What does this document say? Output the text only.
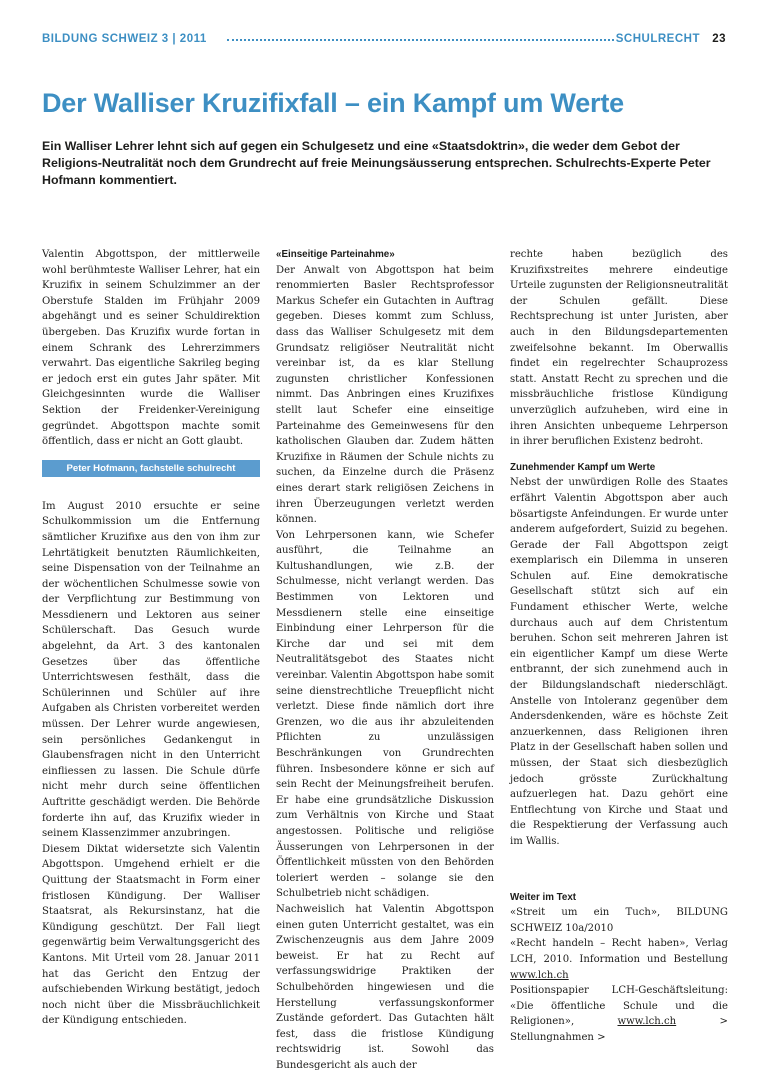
BILDUNG SCHWEIZ 3 | 2011	SCHULRECHT 23
Der Walliser Kruzifixfall – ein Kampf um Werte

Ein Walliser Lehrer lehnt sich auf gegen ein Schulgesetz und eine «Staatsdoktrin», die weder dem Gebot der Religions-Neutralität noch dem Grundrecht auf freie Meinungsäusserung entsprechen. Schulrechts-Experte Peter Hofmann kommentiert.

Valentin Abgottspon, der mittlerweile wohl berühmteste Walliser Lehrer, hat ein Kruzifix in seinem Schulzimmer an der Oberstufe Stalden im Frühjahr 2009 abgehängt und es seiner Schuldirektion übergeben. Das Kruzifix wurde fortan in einem Schrank des Lehrerzimmers verwahrt. Das eigentliche Sakrileg beging er jedoch erst ein gutes Jahr später. Mit Gleichgesinnten wurde die Walliser Sektion der Freidenker-Vereinigung gegründet. Abgottspon machte somit öffentlich, dass er nicht an Gott glaubt.

Peter Hofmann, fachstelle schulrecht

Im August 2010 ersuchte er seine Schulkommission um die Entfernung sämtlicher Kruzifixe aus den von ihm zur Lehrtätigkeit benutzten Räumlichkeiten, seine Dispensation von der Teilnahme an der wöchentlichen Schulmesse sowie von der Verpflichtung zur Bestimmung von Messdienern und Lektoren aus seiner Schülerschaft. Das Gesuch wurde abgelehnt, da Art. 3 des kantonalen Gesetzes über das öffentliche Unterrichtswesen festhält, dass die Schülerinnen und Schüler auf ihre Aufgaben als Christen vorbereitet werden müssen. Der Lehrer wurde angewiesen, sein persönliches Gedankengut in Glaubensfragen nicht in den Unterricht einfliessen zu lassen. Die Schule dürfe nicht mehr durch seine öffentlichen Auftritte geschädigt werden. Die Behörde forderte ihn auf, das Kruzifix wieder in seinem Klassenzimmer anzubringen.

Diesem Diktat widersetzte sich Valentin Abgottspon. Umgehend erhielt er die Quittung der Staatsmacht in Form einer fristlosen Kündigung. Der Walliser Staatsrat, als Rekursinstanz, hat die Kündigung geschützt. Der Fall liegt gegenwärtig beim Verwaltungsgericht des Kantons. Mit Urteil vom 28. Januar 2011 hat das Gericht den Entzug der aufschiebenden Wirkung bestätigt, jedoch noch nicht über die Missbräuchlichkeit der Kündigung entschieden.

«Einseitige Parteinahme»

Der Anwalt von Abgottspon hat beim renommierten Basler Rechtsprofessor Markus Schefer ein Gutachten in Auftrag gegeben. Dieses kommt zum Schluss, dass das Walliser Schulgesetz mit dem Grundsatz religiöser Neutralität nicht vereinbar ist, da es klar Stellung zugunsten christlicher Konfessionen nimmt. Das Anbringen eines Kruzifixes stellt laut Schefer eine einseitige Parteinahme des Gemeinwesens für den katholischen Glauben dar. Zudem hätten Kruzifixe in Räumen der Schule nichts zu suchen, da Einzelne durch die Präsenz eines derart stark religiösen Zeichens in ihren Überzeugungen verletzt werden können.

Von Lehrpersonen kann, wie Schefer ausführt, die Teilnahme an Kultushandlungen, wie z.B. der Schulmesse, nicht verlangt werden. Das Bestimmen von Lektoren und Messdienern stelle eine einseitige Einbindung einer Lehrperson für die Kirche dar und sei mit dem Neutralitätsgebot des Staates nicht vereinbar. Valentin Abgottspon habe somit seine dienstrechtliche Treuepflicht nicht verletzt. Diese finde nämlich dort ihre Grenzen, wo die aus ihr abzuleitenden Pflichten zu unzulässigen Beschränkungen von Grundrechten führen. Insbesondere könne er sich auf sein Recht der Meinungsfreiheit berufen. Er habe eine grundsätzliche Diskussion zum Verhältnis von Kirche und Staat angestossen. Politische und religiöse Äusserungen von Lehrpersonen in der Öffentlichkeit müssten von den Behörden toleriert werden – solange sie den Schulbetrieb nicht schädigen.

Nachweislich hat Valentin Abgottspon einen guten Unterricht gestaltet, was ein Zwischenzeugnis aus dem Jahre 2009 beweist. Er hat zu Recht auf verfassungswidrige Praktiken der Schulbehörden hingewiesen und die Herstellung verfassungskonformer Zustände gefordert. Das Gutachten hält fest, dass die fristlose Kündigung rechtswidrig ist. Sowohl das Bundesgericht als auch der

rechte haben bezüglich des Kruzifixstreites mehrere eindeutige Urteile zugunsten der Religionsneutralität der Schulen gefällt. Diese Rechtsprechung ist unter Juristen, aber auch in den Bildungsdepartementen zweifelsohne bekannt. Im Oberwallis findet ein regelrechter Schauprozess statt. Anstatt Recht zu sprechen und die missbräuchliche fristlose Kündigung unverzüglich aufzuheben, wird eine in ihren Ansichten unbequeme Lehrperson in ihrer beruflichen Existenz bedroht.

Zunehmender Kampf um Werte

Nebst der unwürdigen Rolle des Staates erfährt Valentin Abgottspon aber auch bösartigste Anfeindungen. Er wurde unter anderem aufgefordert, Suizid zu begehen. Gerade der Fall Abgottspon zeigt exemplarisch ein Dilemma in unseren Schulen auf. Eine demokratische Gesellschaft stützt sich auf ein Fundament ethischer Werte, welche durchaus auch auf dem Christentum beruhen. Schon seit mehreren Jahren ist ein eigentlicher Kampf um diese Werte entbrannt, der sich zunehmend auch in der Bildungslandschaft niederschlägt. Anstelle von Intoleranz gegenüber dem Andersdenkenden, wäre es höchste Zeit anzuerkennen, dass Religionen ihren Platz in der Gesellschaft haben sollen und müssen, der Staat sich diesbezüglich jedoch grösste Zurückhaltung aufzuerlegen hat. Dazu gehört eine Entflechtung von Kirche und Staat und die Respektierung der Verfassung auch im Wallis.

Weiter im Text

«Streit um ein Tuch», BILDUNG SCHWEIZ 10a/2010

«Recht handeln – Recht haben», Verlag LCH, 2010. Information und Bestellung www.lch.ch

Positionspapier LCH-Geschäftsleitung: «Die öffentliche Schule und die Religionen»,	www.lch.ch	> Stellungnahmen >
